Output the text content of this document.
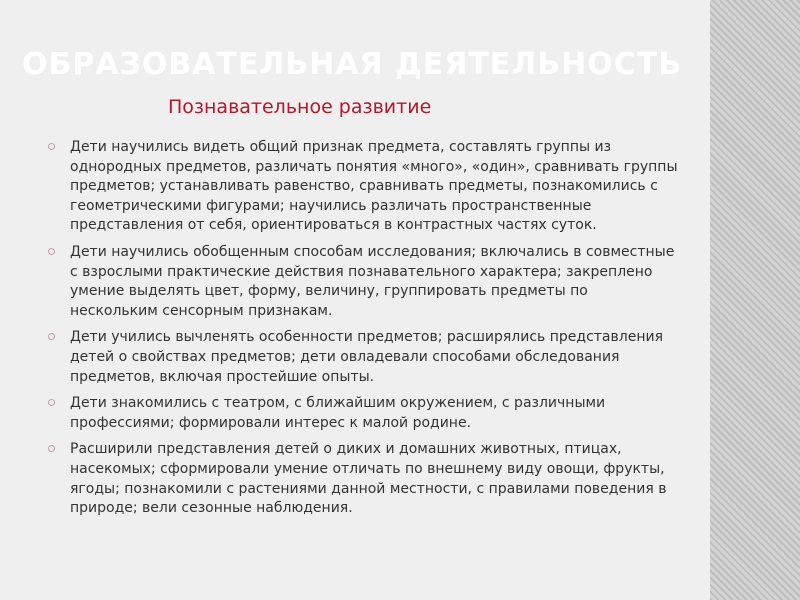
ОБРАЗОВАТЕЛЬНАЯ ДЕЯТЕЛЬНОСТЬ
Познавательное развитие
Дети научились видеть общий признак предмета, составлять группы из однородных предметов, различать понятия «много», «один», сравнивать группы предметов; устанавливать равенство, сравнивать предметы, познакомились с геометрическими фигурами; научились различать пространственные представления от себя, ориентироваться в контрастных частях суток.
Дети научились обобщенным способам исследования; включались в совместные с взрослыми практические действия познавательного характера; закреплено умение выделять цвет, форму, величину, группировать предметы по нескольким сенсорным признакам.
Дети учились вычленять особенности предметов; расширялись представления детей о свойствах предметов; дети овладевали способами обследования предметов, включая простейшие опыты.
Дети знакомились с театром, с ближайшим окружением, с различными профессиями; формировали интерес к малой родине.
Расширили представления детей о диких и домашних животных, птицах, насекомых; сформировали умение отличать по внешнему виду овощи, фрукты, ягоды; познакомили с растениями данной местности, с правилами поведения в природе; вели сезонные наблюдения.
